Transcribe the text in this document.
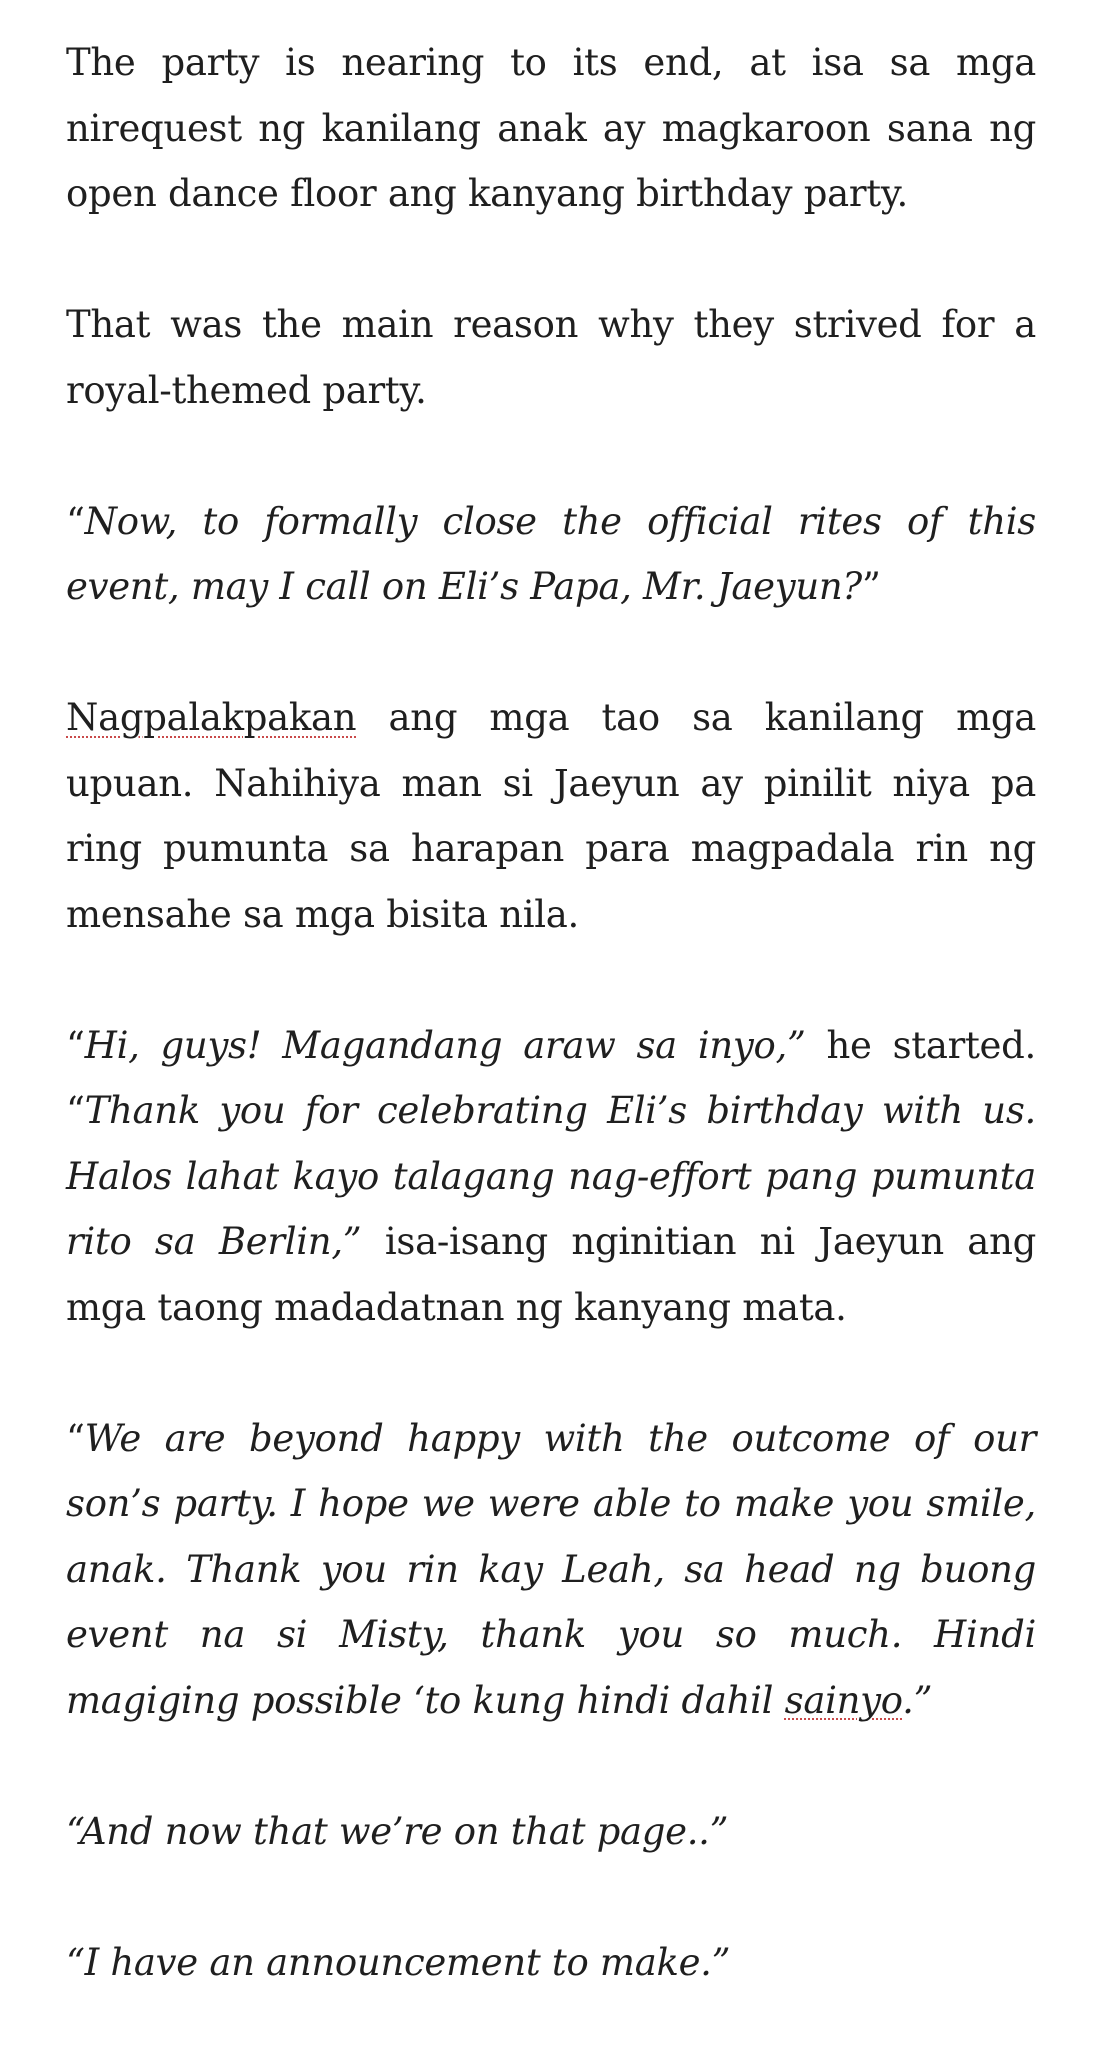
The party is nearing to its end, at isa sa mga nirequest ng kanilang anak ay magkaroon sana ng open dance floor ang kanyang birthday party.

That was the main reason why they strived for a royal-themed party.

“Now, to formally close the official rites of this event, may I call on Eli’s Papa, Mr. Jaeyun?”

Nagpalakpakan ang mga tao sa kanilang mga upuan. Nahihiya man si Jaeyun ay pinilit niya pa ring pumunta sa harapan para magpadala rin ng mensahe sa mga bisita nila.

“Hi, guys! Magandang araw sa inyo,” he started. “Thank you for celebrating Eli’s birthday with us. Halos lahat kayo talagang nag-effort pang pumunta rito sa Berlin,” isa-isang nginitian ni Jaeyun ang mga taong madadatnan ng kanyang mata.

“We are beyond happy with the outcome of our son’s party. I hope we were able to make you smile, anak. Thank you rin kay Leah, sa head ng buong event na si Misty, thank you so much. Hindi magiging possible ‘to kung hindi dahil sainyo.”

“And now that we’re on that page..”

“I have an announcement to make.”
